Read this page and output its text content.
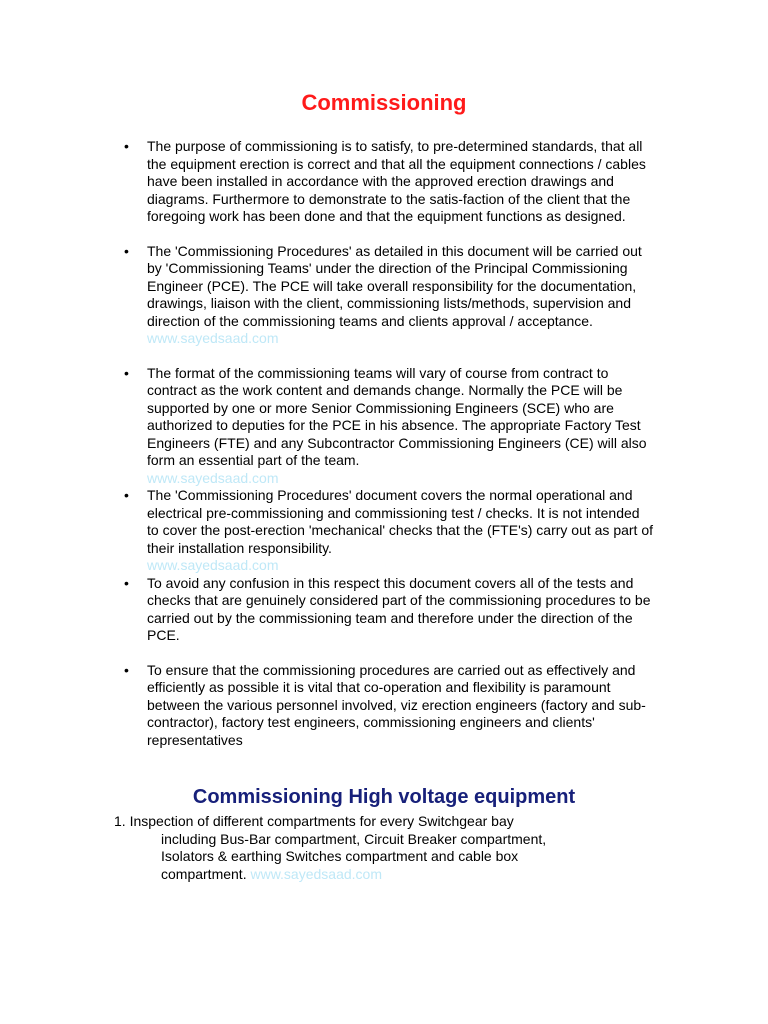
Commissioning
• The purpose of commissioning is to satisfy, to pre-determined standards, that all the equipment erection is correct and that all the equipment connections / cables have been installed in accordance with the approved erection drawings and diagrams. Furthermore to demonstrate to the satis-faction of the client that the foregoing work has been done and that the equipment functions as designed.
• The 'Commissioning Procedures' as detailed in this document will be carried out by 'Commissioning Teams' under the direction of the Principal Commissioning Engineer (PCE). The PCE will take overall responsibility for the documentation, drawings, liaison with the client, commissioning lists/methods, supervision and direction of the commissioning teams and clients approval / acceptance. www.sayedsaad.com
• The format of the commissioning teams will vary of course from contract to contract as the work content and demands change. Normally the PCE will be supported by one or more Senior Commissioning Engineers (SCE) who are authorized to deputies for the PCE in his absence. The appropriate Factory Test Engineers (FTE) and any Subcontractor Commissioning Engineers (CE) will also form an essential part of the team.
www.sayedsaad.com
• The 'Commissioning Procedures' document covers the normal operational and electrical pre-commissioning and commissioning test / checks. It is not intended to cover the post-erection 'mechanical' checks that the (FTE's) carry out as part of their installation responsibility.
www.sayedsaad.com
• To avoid any confusion in this respect this document covers all of the tests and checks that are genuinely considered part of the commissioning procedures to be carried out by the commissioning team and therefore under the direction of the PCE.
• To ensure that the commissioning procedures are carried out as effectively and efficiently as possible it is vital that co-operation and flexibility is paramount between the various personnel involved, viz erection engineers (factory and sub-contractor), factory test engineers, commissioning engineers and clients' representatives
Commissioning High voltage equipment
1. Inspection of different compartments for every Switchgear bay
including Bus-Bar compartment, Circuit Breaker compartment, Isolators & earthing Switches compartment and cable box compartment. www.sayedsaad.com
